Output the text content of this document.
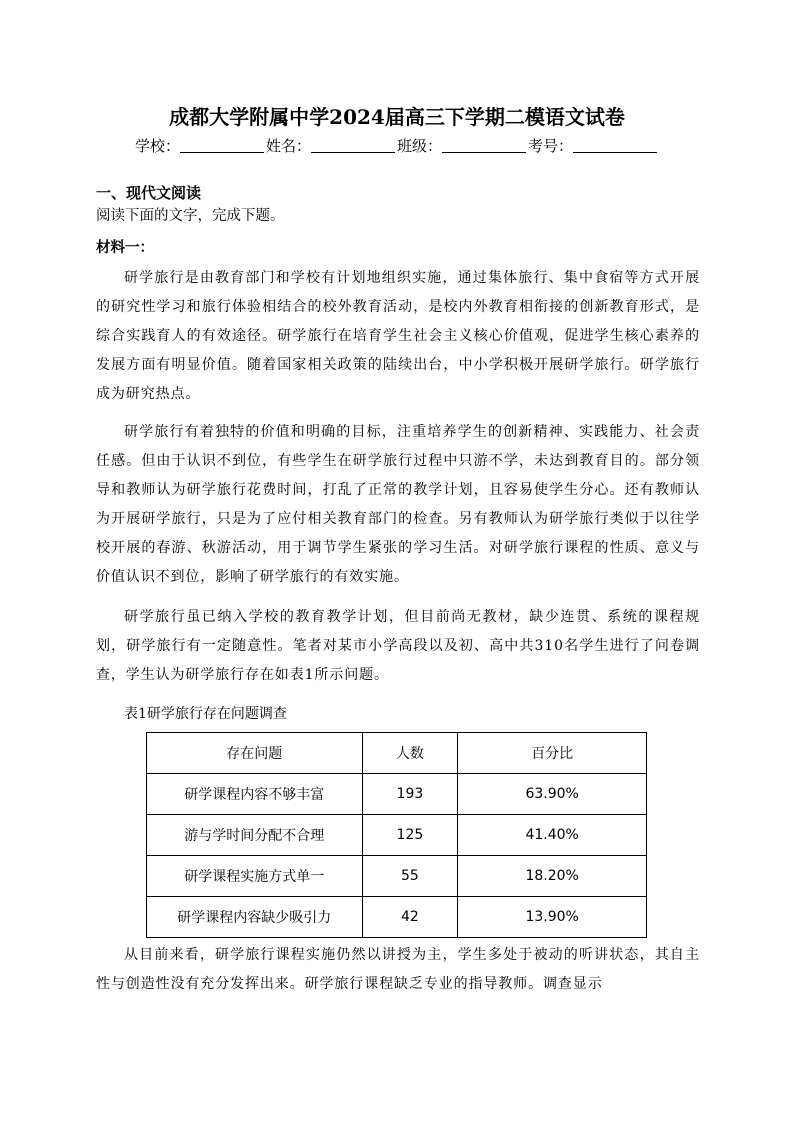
成都大学附属中学2024届高三下学期二模语文试卷
学校：	姓名：	班级：	考号：
一、现代文阅读
阅读下面的文字，完成下题。
材料一：

研学旅行是由教育部门和学校有计划地组织实施，通过集体旅行、集中食宿等方式开展的研究性学习和旅行体验相结合的校外教育活动，是校内外教育相衔接的创新教育形式，是综合实践育人的有效途径。研学旅行在培育学生社会主义核心价值观，促进学生核心素养的发展方面有明显价值。随着国家相关政策的陆续出台，中小学积极开展研学旅行。研学旅行成为研究热点。

研学旅行有着独特的价值和明确的目标，注重培养学生的创新精神、实践能力、社会责任感。但由于认识不到位，有些学生在研学旅行过程中只游不学，未达到教育目的。部分领导和教师认为研学旅行花费时间，打乱了正常的教学计划，且容易使学生分心。还有教师认为开展研学旅行，只是为了应付相关教育部门的检查。另有教师认为研学旅行类似于以往学校开展的春游、秋游活动，用于调节学生紧张的学习生活。对研学旅行课程的性质、意义与价值认识不到位，影响了研学旅行的有效实施。

研学旅行虽已纳入学校的教育教学计划，但目前尚无教材，缺少连贯、系统的课程规划，研学旅行有一定随意性。笔者对某市小学高段以及初、高中共310名学生进行了问卷调查，学生认为研学旅行存在如表1所示问题。

表1研学旅行存在问题调查
存在问题	人数	百分比
研学课程内容不够丰富	193	63.90%
游与学时间分配不合理	125	41.40%
研学课程实施方式单一	55	18.20%
研学课程内容缺少吸引力	42	13.90%

从目前来看，研学旅行课程实施仍然以讲授为主，学生多处于被动的听讲状态，其自主性与创造性没有充分发挥出来。研学旅行课程缺乏专业的指导教师。调查显示
